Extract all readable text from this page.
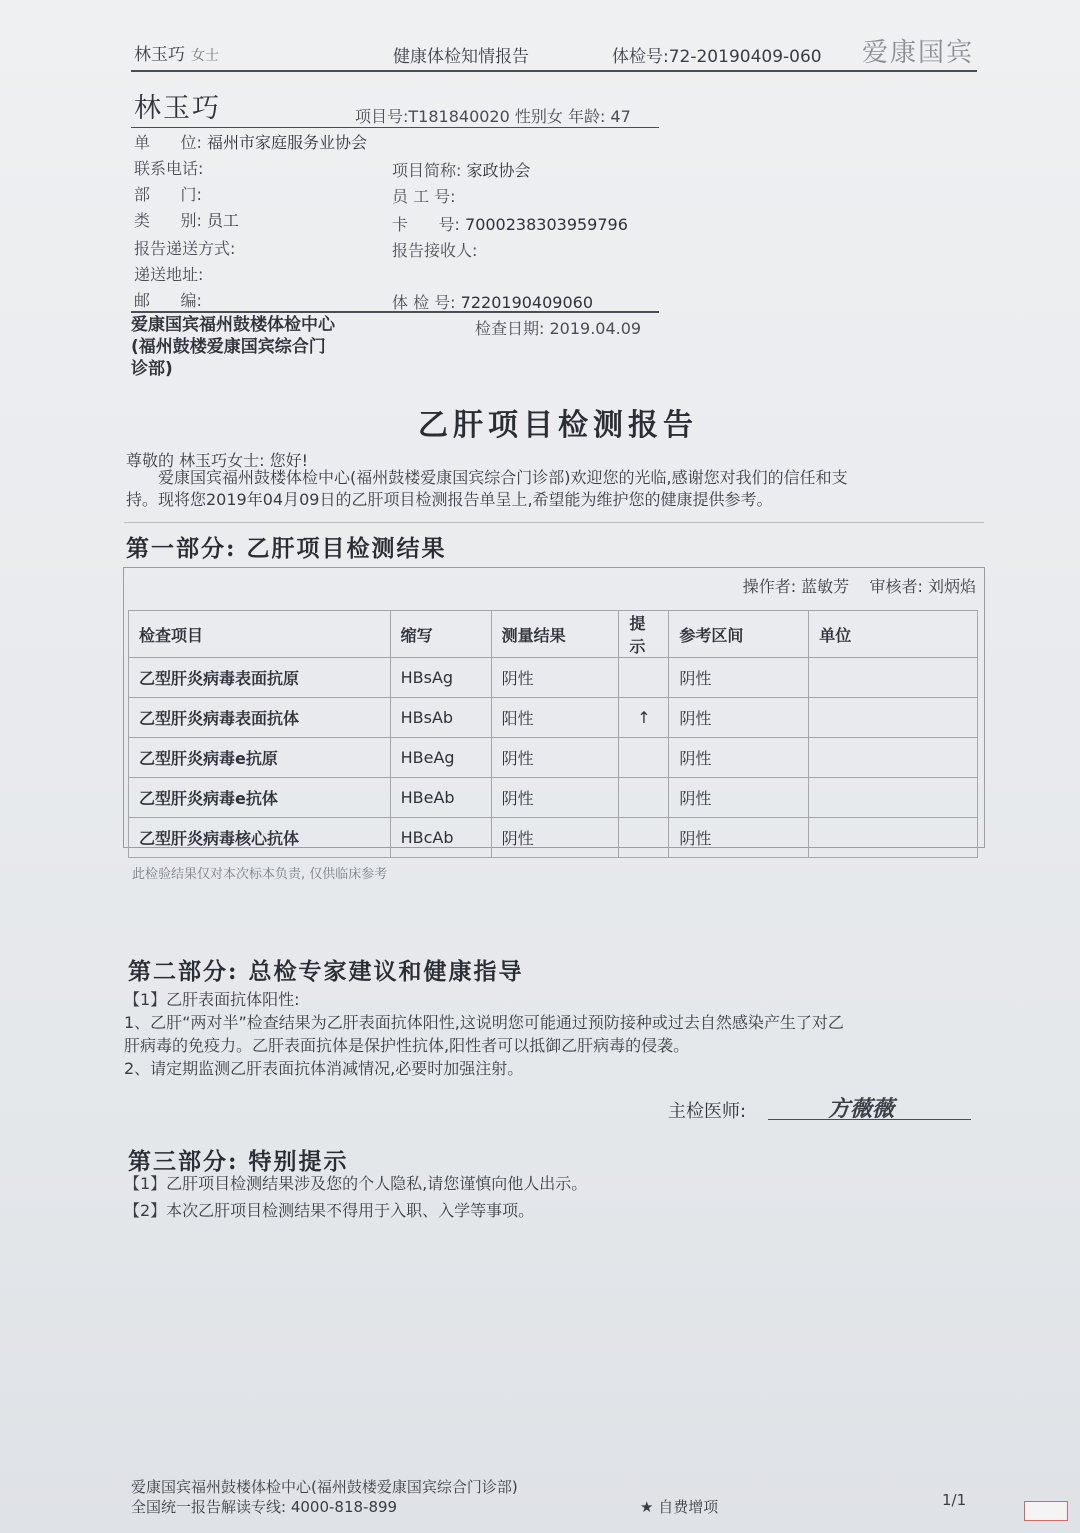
林玉巧 女士	健康体检知情报告	体检号:72-20190409-060 爱康国宾
林玉巧	项目号:T181840020 性别女 年龄: 47
单      位: 福州市家庭服务业协会
联系电话:
部      门:
类      别: 员工
报告递送方式:
递送地址:
邮      编:
项目简称: 家政协会
员 工 号:
卡      号: 7000238303959796
报告接收人:
体 检 号: 7220190409060
爱康国宾福州鼓楼体检中心
(福州鼓楼爱康国宾综合门
诊部)
检查日期: 2019.04.09
乙肝项目检测报告
尊敬的 林玉巧女士: 您好!
爱康国宾福州鼓楼体检中心(福州鼓楼爱康国宾综合门诊部)欢迎您的光临,感谢您对我们的信任和支
持。现将您2019年04月09日的乙肝项目检测报告单呈上,希望能为维护您的健康提供参考。
第一部分: 乙肝项目检测结果
操作者: 蓝敏芳 审核者: 刘炳焰
检查项目	缩写	测量结果	提示	参考区间	单位
乙型肝炎病毒表面抗原	HBsAg	阴性		阴性	
乙型肝炎病毒表面抗体	HBsAb	阳性	↑	阴性	
乙型肝炎病毒e抗原	HBeAg	阴性		阴性	
乙型肝炎病毒e抗体	HBeAb	阴性		阴性	
乙型肝炎病毒核心抗体	HBcAb	阴性		阴性	
此检验结果仅对本次标本负责, 仅供临床参考
第二部分: 总检专家建议和健康指导
【1】乙肝表面抗体阳性:
1、乙肝“两对半”检查结果为乙肝表面抗体阳性,这说明您可能通过预防接种或过去自然感染产生了对乙
肝病毒的免疫力。乙肝表面抗体是保护性抗体,阳性者可以抵御乙肝病毒的侵袭。
2、请定期监测乙肝表面抗体消减情况,必要时加强注射。
主检医师:	方薇薇
第三部分: 特别提示
【1】乙肝项目检测结果涉及您的个人隐私,请您谨慎向他人出示。
【2】本次乙肝项目检测结果不得用于入职、入学等事项。
爱康国宾福州鼓楼体检中心(福州鼓楼爱康国宾综合门诊部)
全国统一报告解读专线: 4000-818-899	★ 自费增项	1/1
